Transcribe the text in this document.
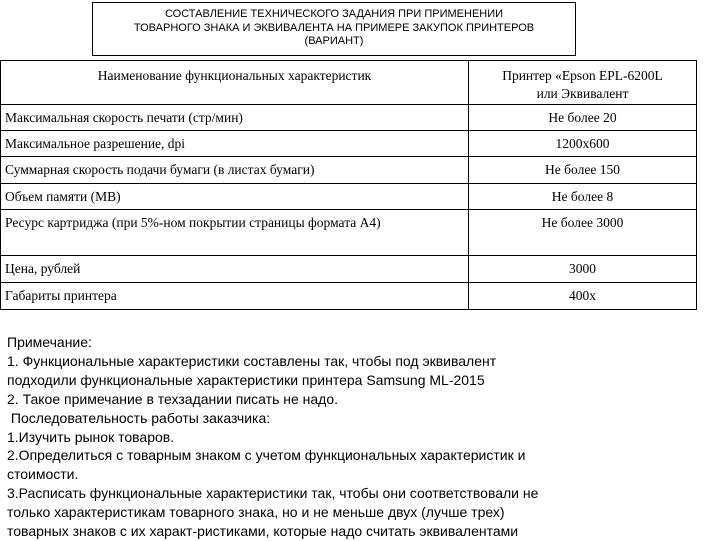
СОСТАВЛЕНИЕ ТЕХНИЧЕСКОГО ЗАДАНИЯ ПРИ ПРИМЕНЕНИИ
ТОВАРНОГО ЗНАКА И ЭКВИВАЛЕНТА НА ПРИМЕРЕ ЗАКУПОК ПРИНТЕРОВ
(ВАРИАНТ)
Наименование функциональных характеристик	Принтер «Epson EPL-6200L
или Эквивалент

Максимальная скорость печати (стр/мин)	Не более 20
Максимальное разрешение, dpi	1200х600
Суммарная скорость подачи бумаги (в листах бумаги)	Не более 150
Объем памяти (MB)	Не более 8
Ресурс картриджа (при 5%-ном покрытии страницы формата А4)	Не более 3000
Цена, рублей	3000
Габариты принтера	400х
Примечание:
1. Функциональные характеристики составлены так, чтобы под эквивалент
подходили функциональные характеристики принтера Samsung ML-2015
2. Такое примечание в техзадании писать не надо.
Последовательность работы заказчика:
1.Изучить рынок товаров.
2.Определиться с товарным знаком с учетом функциональных характеристик и
стоимости.
3.Расписать функциональные характеристики так, чтобы они соответствовали не
только характеристикам товарного знака, но и не меньше двух (лучше трех)
товарных знаков с их характ-ристиками, которые надо считать эквивалентами
